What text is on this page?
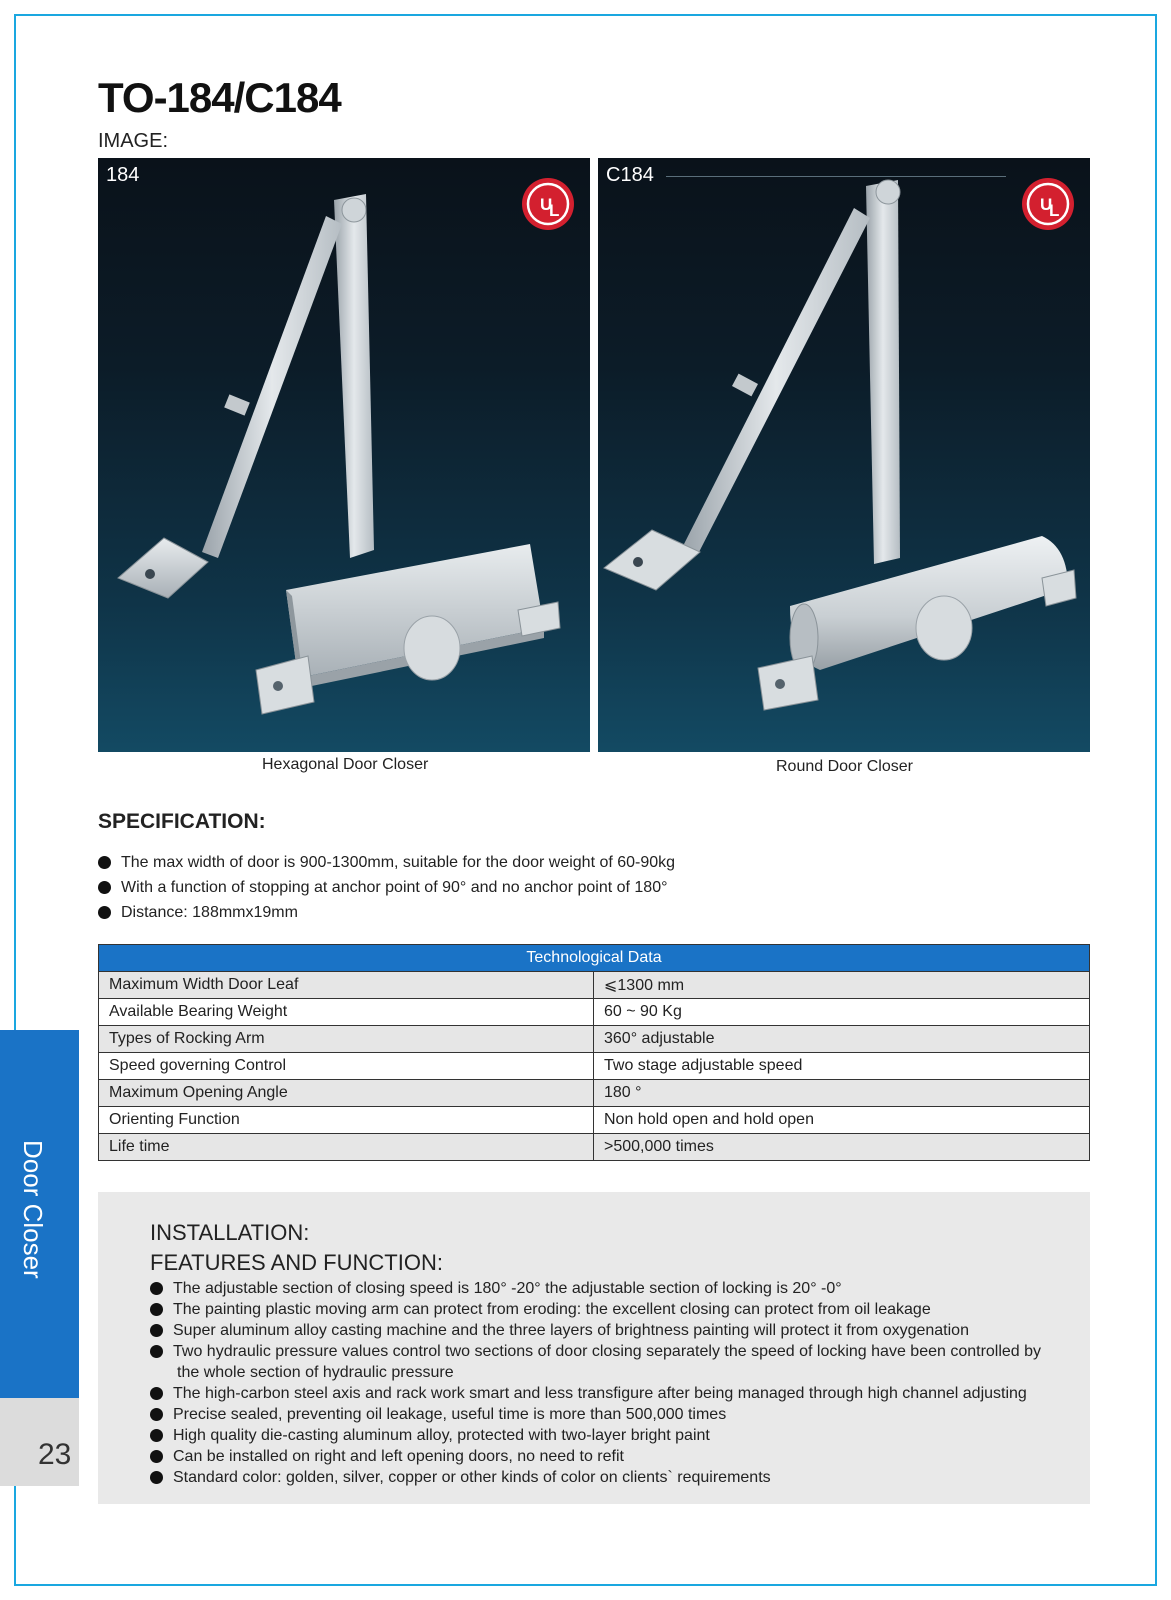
TO-184/C184
IMAGE:
184
U
L
C184
U
L
Hexagonal Door Closer	Round Door Closer
SPECIFICATION:
The max width of door is 900-1300mm, suitable for the door weight of 60-90kg
With a function of stopping at anchor point of 90° and no anchor point of 180°
Distance: 188mmx19mm
Technological Data	
Maximum Width Door Leaf	⩽1300 mm
Available Bearing Weight	60 ~ 90 Kg
Types of Rocking Arm	360° adjustable
Speed governing Control	Two stage adjustable speed
Maximum Opening Angle	180 °
Orienting Function	Non hold open and hold open
Life time	>500,000 times
Door Closer
23
INSTALLATION:
FEATURES AND FUNCTION:
The adjustable section of closing speed is 180° -20° the adjustable section of locking is 20° -0°
The painting plastic moving arm can protect from eroding: the excellent closing can protect from oil leakage
Super aluminum alloy casting machine and the three layers of brightness painting will protect it from oxygenation
Two hydraulic pressure values control two sections of door closing separately the speed of locking have been controlled by
the whole section of hydraulic pressure
The high-carbon steel axis and rack work smart and less transfigure after being managed through high channel adjusting
Precise sealed, preventing oil leakage, useful time is more than 500,000 times
High quality die-casting aluminum alloy, protected with two-layer bright paint
Can be installed on right and left opening doors, no need to refit
Standard color: golden, silver, copper or other kinds of color on clients` requirements
